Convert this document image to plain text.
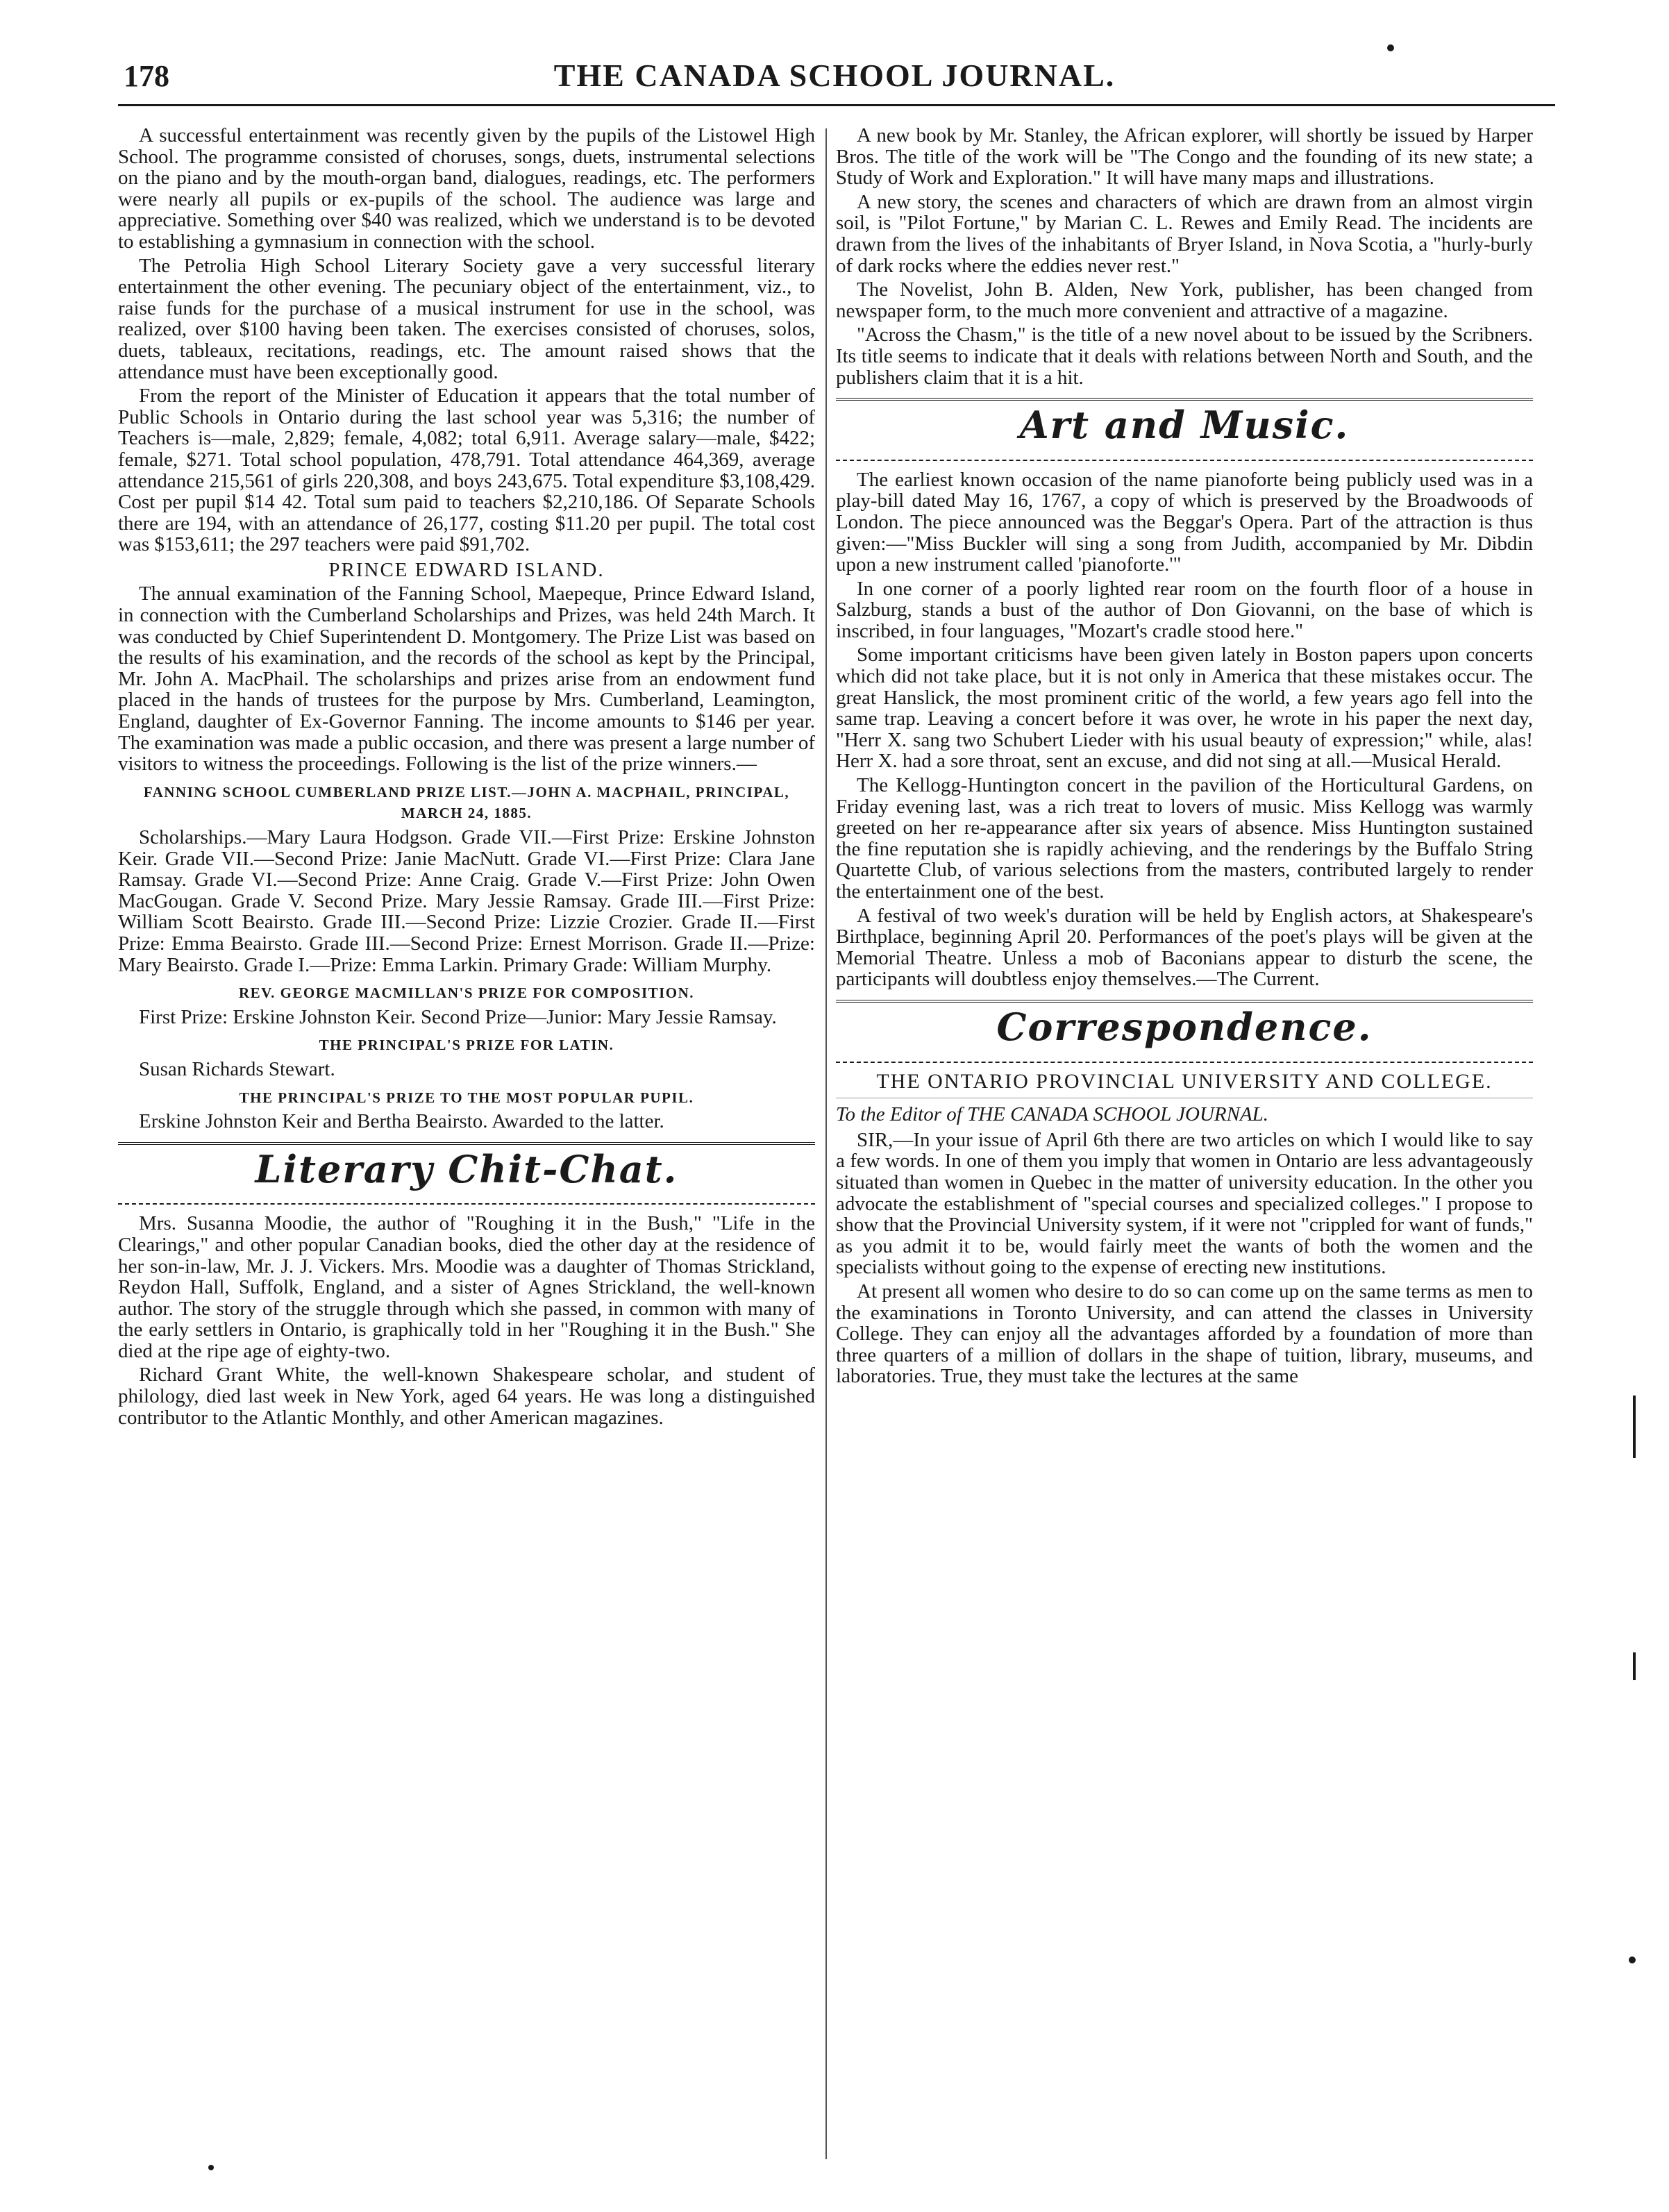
178	THE CANADA SCHOOL JOURNAL.

A successful entertainment was recently given by the pupils of the Listowel High School. The programme consisted of choruses, songs, duets, instrumental selections on the piano and by the mouth-organ band, dialogues, readings, etc. The performers were nearly all pupils or ex-pupils of the school. The audience was large and appreciative. Something over $40 was realized, which we understand is to be devoted to establishing a gymnasium in connection with the school.

The Petrolia High School Literary Society gave a very successful literary entertainment the other evening. The pecuniary object of the entertainment, viz., to raise funds for the purchase of a musical instrument for use in the school, was realized, over $100 having been taken. The exercises consisted of choruses, solos, duets, tableaux, recitations, readings, etc. The amount raised shows that the attendance must have been exceptionally good.

From the report of the Minister of Education it appears that the total number of Public Schools in Ontario during the last school year was 5,316; the number of Teachers is—male, 2,829; female, 4,082; total 6,911. Average salary—male, $422; female, $271. Total school population, 478,791. Total attendance 464,369, average attendance 215,561 of girls 220,308, and boys 243,675. Total expenditure $3,108,429. Cost per pupil $14 42. Total sum paid to teachers $2,210,186. Of Separate Schools there are 194, with an attendance of 26,177, costing $11.20 per pupil. The total cost was $153,611; the 297 teachers were paid $91,702.

PRINCE EDWARD ISLAND.

The annual examination of the Fanning School, Maepeque, Prince Edward Island, in connection with the Cumberland Scholarships and Prizes, was held 24th March. It was conducted by Chief Superintendent D. Montgomery. The Prize List was based on the results of his examination, and the records of the school as kept by the Principal, Mr. John A. MacPhail. The scholarships and prizes arise from an endowment fund placed in the hands of trustees for the purpose by Mrs. Cumberland, Leamington, England, daughter of Ex-Governor Fanning. The income amounts to $146 per year. The examination was made a public occasion, and there was present a large number of visitors to witness the proceedings. Following is the list of the prize winners.—

FANNING SCHOOL CUMBERLAND PRIZE LIST.—JOHN A. MACPHAIL, PRINCIPAL, MARCH 24, 1885.

Scholarships.—Mary Laura Hodgson. Grade VII.—First Prize: Erskine Johnston Keir. Grade VII.—Second Prize: Janie MacNutt. Grade VI.—First Prize: Clara Jane Ramsay. Grade VI.—Second Prize: Anne Craig. Grade V.—First Prize: John Owen MacGougan. Grade V. Second Prize. Mary Jessie Ramsay. Grade III.—First Prize: William Scott Beairsto. Grade III.—Second Prize: Lizzie Crozier. Grade II.—First Prize: Emma Beairsto. Grade III.—Second Prize: Ernest Morrison. Grade II.—Prize: Mary Beairsto. Grade I.—Prize: Emma Larkin. Primary Grade: William Murphy.

REV. GEORGE MACMILLAN'S PRIZE FOR COMPOSITION.

First Prize: Erskine Johnston Keir. Second Prize—Junior: Mary Jessie Ramsay.

THE PRINCIPAL'S PRIZE FOR LATIN.

Susan Richards Stewart.

THE PRINCIPAL'S PRIZE TO THE MOST POPULAR PUPIL.

Erskine Johnston Keir and Bertha Beairsto. Awarded to the latter.

Literary Chit-Chat.

Mrs. Susanna Moodie, the author of "Roughing it in the Bush," "Life in the Clearings," and other popular Canadian books, died the other day at the residence of her son-in-law, Mr. J. J. Vickers. Mrs. Moodie was a daughter of Thomas Strickland, Reydon Hall, Suffolk, England, and a sister of Agnes Strickland, the well-known author. The story of the struggle through which she passed, in common with many of the early settlers in Ontario, is graphically told in her "Roughing it in the Bush." She died at the ripe age of eighty-two.

Richard Grant White, the well-known Shakespeare scholar, and student of philology, died last week in New York, aged 64 years. He was long a distinguished contributor to the Atlantic Monthly, and other American magazines.

A new book by Mr. Stanley, the African explorer, will shortly be issued by Harper Bros. The title of the work will be "The Congo and the founding of its new state; a Study of Work and Exploration." It will have many maps and illustrations.

A new story, the scenes and characters of which are drawn from an almost virgin soil, is "Pilot Fortune," by Marian C. L. Rewes and Emily Read. The incidents are drawn from the lives of the inhabitants of Bryer Island, in Nova Scotia, a "hurly-burly of dark rocks where the eddies never rest."

The Novelist, John B. Alden, New York, publisher, has been changed from newspaper form, to the much more convenient and attractive of a magazine.

"Across the Chasm," is the title of a new novel about to be issued by the Scribners. Its title seems to indicate that it deals with relations between North and South, and the publishers claim that it is a hit.

Art and Music.

The earliest known occasion of the name pianoforte being publicly used was in a play-bill dated May 16, 1767, a copy of which is preserved by the Broadwoods of London. The piece announced was the Beggar's Opera. Part of the attraction is thus given:—"Miss Buckler will sing a song from Judith, accompanied by Mr. Dibdin upon a new instrument called 'pianoforte.'"

In one corner of a poorly lighted rear room on the fourth floor of a house in Salzburg, stands a bust of the author of Don Giovanni, on the base of which is inscribed, in four languages, "Mozart's cradle stood here."

Some important criticisms have been given lately in Boston papers upon concerts which did not take place, but it is not only in America that these mistakes occur. The great Hanslick, the most prominent critic of the world, a few years ago fell into the same trap. Leaving a concert before it was over, he wrote in his paper the next day, "Herr X. sang two Schubert Lieder with his usual beauty of expression;" while, alas! Herr X. had a sore throat, sent an excuse, and did not sing at all.—Musical Herald.

The Kellogg-Huntington concert in the pavilion of the Horticultural Gardens, on Friday evening last, was a rich treat to lovers of music. Miss Kellogg was warmly greeted on her re-appearance after six years of absence. Miss Huntington sustained the fine reputation she is rapidly achieving, and the renderings by the Buffalo String Quartette Club, of various selections from the masters, contributed largely to render the entertainment one of the best.

A festival of two week's duration will be held by English actors, at Shakespeare's Birthplace, beginning April 20. Performances of the poet's plays will be given at the Memorial Theatre. Unless a mob of Baconians appear to disturb the scene, the participants will doubtless enjoy themselves.—The Current.

Correspondence.
THE ONTARIO PROVINCIAL UNIVERSITY AND COLLEGE.
To the Editor of THE CANADA SCHOOL JOURNAL.

SIR,—In your issue of April 6th there are two articles on which I would like to say a few words. In one of them you imply that women in Ontario are less advantageously situated than women in Quebec in the matter of university education. In the other you advocate the establishment of "special courses and specialized colleges." I propose to show that the Provincial University system, if it were not "crippled for want of funds," as you admit it to be, would fairly meet the wants of both the women and the specialists without going to the expense of erecting new institutions.

At present all women who desire to do so can come up on the same terms as men to the examinations in Toronto University, and can attend the classes in University College. They can enjoy all the advantages afforded by a foundation of more than three quarters of a million of dollars in the shape of tuition, library, museums, and laboratories. True, they must take the lectures at the same
